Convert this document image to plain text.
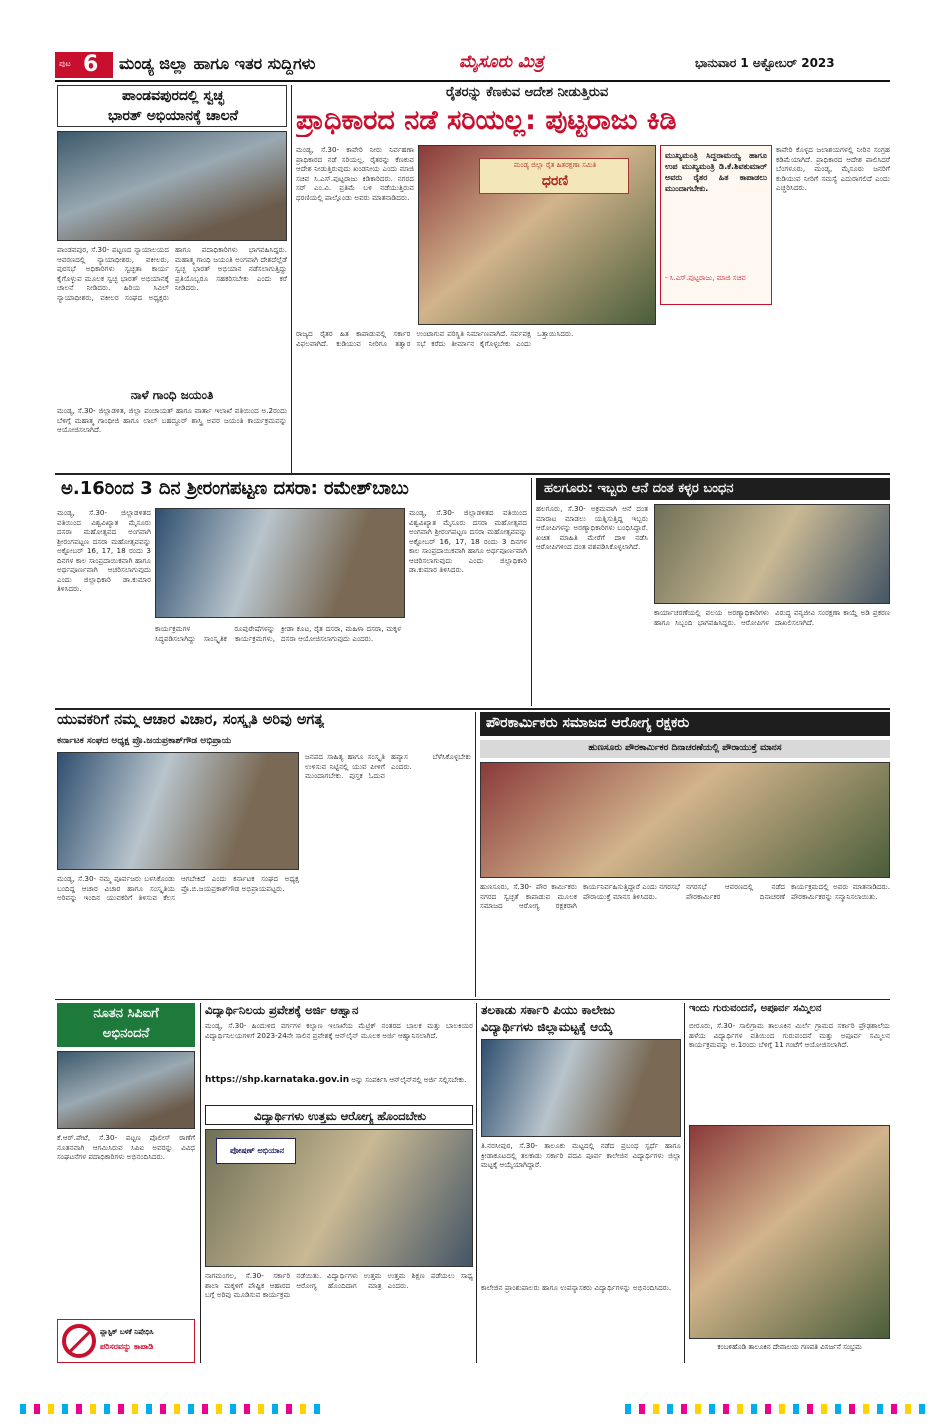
ಪುಟ 6 ಮಂಡ್ಯ ಜಿಲ್ಲಾ ಹಾಗೂ ಇತರ ಸುದ್ದಿಗಳು	ಮೈಸೂರು ಮಿತ್ರ	ಭಾನುವಾರ 1 ಅಕ್ಟೋಬರ್ 2023
ಪಾಂಡವಪುರದಲ್ಲಿ ಸ್ವಚ್ಛ
ಭಾರತ್ ಅಭಿಯಾನಕ್ಕೆ ಚಾಲನೆ
ಪಾಂಡವಪುರ, ಸೆ.30- ಪಟ್ಟಣದ ನ್ಯಾಯಾಲಯದ ಆವರಣದಲ್ಲಿ ನ್ಯಾಯಾಧೀಶರು, ವಕೀಲರು, ಪುರಸಭೆ ಅಧಿಕಾರಿಗಳು ಸ್ವಚ್ಛತಾ ಕಾರ್ಯ ಕೈಗೊಳ್ಳುವ ಮೂಲಕ ಸ್ವಚ್ಛ ಭಾರತ್ ಅಭಿಯಾನಕ್ಕೆ ಚಾಲನೆ ನೀಡಿದರು. ಹಿರಿಯ ಸಿವಿಲ್ ನ್ಯಾಯಾಧೀಶರು, ವಕೀಲರ ಸಂಘದ ಅಧ್ಯಕ್ಷರು ಹಾಗೂ ಪದಾಧಿಕಾರಿಗಳು ಭಾಗವಹಿಸಿದ್ದರು. ಮಹಾತ್ಮ ಗಾಂಧಿ ಜಯಂತಿ ಅಂಗವಾಗಿ ದೇಶದೆಲ್ಲೆಡೆ ಸ್ವಚ್ಛ ಭಾರತ್ ಅಭಿಯಾನ ನಡೆಸಲಾಗುತ್ತಿದ್ದು ಪ್ರತಿಯೊಬ್ಬರೂ ಸಹಕರಿಸಬೇಕು ಎಂದು ಕರೆ ನೀಡಿದರು.
ನಾಳೆ ಗಾಂಧಿ ಜಯಂತಿ
ಮಂಡ್ಯ, ಸೆ.30- ಜಿಲ್ಲಾಡಳಿತ, ಜಿಲ್ಲಾ ಪಂಚಾಯತ್ ಹಾಗೂ ವಾರ್ತಾ ಇಲಾಖೆ ವತಿಯಿಂದ ಅ.2ರಂದು ಬೆಳಿಗ್ಗೆ ಮಹಾತ್ಮ ಗಾಂಧೀಜಿ ಹಾಗೂ ಲಾಲ್ ಬಹದ್ದೂರ್ ಶಾಸ್ತ್ರಿ ಅವರ ಜಯಂತಿ ಕಾರ್ಯಕ್ರಮವನ್ನು ಆಯೋಜಿಸಲಾಗಿದೆ.
ರೈತರನ್ನು ಕೆಣಕುವ ಆದೇಶ ನೀಡುತ್ತಿರುವ
ಪ್ರಾಧಿಕಾರದ ನಡೆ ಸರಿಯಲ್ಲ: ಪುಟ್ಟರಾಜು ಕಿಡಿ
ಮಂಡ್ಯ, ಸೆ.30- ಕಾವೇರಿ ನೀರು ನಿರ್ವಹಣಾ ಪ್ರಾಧಿಕಾರದ ನಡೆ ಸರಿಯಲ್ಲ. ರೈತರನ್ನು ಕೆಣಕುವ ಆದೇಶ ನೀಡುತ್ತಿರುವುದು ಖಂಡನೀಯ ಎಂದು ಮಾಜಿ ಸಚಿವ ಸಿ.ಎಸ್.ಪುಟ್ಟರಾಜು ಕಿಡಿಕಾರಿದರು. ನಗರದ ಸರ್ ಎಂ.ವಿ. ಪ್ರತಿಮೆ ಬಳಿ ನಡೆಯುತ್ತಿರುವ ಧರಣಿಯಲ್ಲಿ ಪಾಲ್ಗೊಂಡು ಅವರು ಮಾತನಾಡಿದರು.
ಮಂಡ್ಯ ಜಿಲ್ಲಾ ರೈತ ಹಿತರಕ್ಷಣಾ ಸಮಿತಿ
ಧರಣಿ
ಮುಖ್ಯಮಂತ್ರಿ ಸಿದ್ದರಾಮಯ್ಯ ಹಾಗೂ ಉಪ ಮುಖ್ಯಮಂತ್ರಿ ಡಿ.ಕೆ.ಶಿವಕುಮಾರ್ ಅವರು ರೈತರ ಹಿತ ಕಾಪಾಡಲು ಮುಂದಾಗಬೇಕು.
- ಸಿ.ಎಸ್.ಪುಟ್ಟರಾಜು, ಮಾಜಿ ಸಚಿವ
ಕಾವೇರಿ ಕೊಳ್ಳದ ಜಲಾಶಯಗಳಲ್ಲಿ ನೀರಿನ ಸಂಗ್ರಹ ಕಡಿಮೆಯಾಗಿದೆ. ಪ್ರಾಧಿಕಾರದ ಆದೇಶ ಪಾಲಿಸಿದರೆ ಬೆಂಗಳೂರು, ಮಂಡ್ಯ, ಮೈಸೂರು ಜನರಿಗೆ ಕುಡಿಯುವ ನೀರಿಗೆ ಸಮಸ್ಯೆ ಎದುರಾಗಲಿದೆ ಎಂದು ಎಚ್ಚರಿಸಿದರು.
ರಾಜ್ಯದ ರೈತರ ಹಿತ ಕಾಪಾಡುವಲ್ಲಿ ಸರ್ಕಾರ ವಿಫಲವಾಗಿದೆ. ಕುಡಿಯುವ ನೀರಿಗೂ ತತ್ವಾರ ಉಂಟಾಗುವ ಪರಿಸ್ಥಿತಿ ನಿರ್ಮಾಣವಾಗಿದೆ. ಸರ್ವಪಕ್ಷ ಸಭೆ ಕರೆದು ತೀರ್ಮಾನ ಕೈಗೊಳ್ಳಬೇಕು ಎಂದು ಒತ್ತಾಯಿಸಿದರು.
ಅ.16ರಿಂದ 3 ದಿನ ಶ್ರೀರಂಗಪಟ್ಟಣ ದಸರಾ: ರಮೇಶ್‌ಬಾಬು
ಮಂಡ್ಯ, ಸೆ.30- ಜಿಲ್ಲಾಡಳಿತದ ವತಿಯಿಂದ ವಿಶ್ವವಿಖ್ಯಾತ ಮೈಸೂರು ದಸರಾ ಮಹೋತ್ಸವದ ಅಂಗವಾಗಿ ಶ್ರೀರಂಗಪಟ್ಟಣ ದಸರಾ ಮಹೋತ್ಸವವನ್ನು ಅಕ್ಟೋಬರ್ 16, 17, 18 ರಂದು 3 ದಿನಗಳ ಕಾಲ ಸಾಂಪ್ರದಾಯಿಕವಾಗಿ ಹಾಗೂ ಅರ್ಥಪೂರ್ಣವಾಗಿ ಆಚರಿಸಲಾಗುವುದು ಎಂದು ಜಿಲ್ಲಾಧಿಕಾರಿ ಡಾ.ಕುಮಾರ ತಿಳಿಸಿದರು.
ಕಾರ್ಯಕ್ರಮಗಳ ರೂಪುರೇಷೆಗಳನ್ನು ಸಿದ್ಧಪಡಿಸಲಾಗಿದ್ದು ಸಾಂಸ್ಕೃತಿಕ ಕಾರ್ಯಕ್ರಮಗಳು, ಕ್ರೀಡಾ ಕೂಟ, ರೈತ ದಸರಾ, ಮಹಿಳಾ ದಸರಾ, ಮಕ್ಕಳ ದಸರಾ ಆಯೋಜಿಸಲಾಗುವುದು ಎಂದರು.
ಮಂಡ್ಯ, ಸೆ.30- ಜಿಲ್ಲಾಡಳಿತದ ವತಿಯಿಂದ ವಿಶ್ವವಿಖ್ಯಾತ ಮೈಸೂರು ದಸರಾ ಮಹೋತ್ಸವದ ಅಂಗವಾಗಿ ಶ್ರೀರಂಗಪಟ್ಟಣ ದಸರಾ ಮಹೋತ್ಸವವನ್ನು ಅಕ್ಟೋಬರ್ 16, 17, 18 ರಂದು 3 ದಿನಗಳ ಕಾಲ ಸಾಂಪ್ರದಾಯಿಕವಾಗಿ ಹಾಗೂ ಅರ್ಥಪೂರ್ಣವಾಗಿ ಆಚರಿಸಲಾಗುವುದು ಎಂದು ಜಿಲ್ಲಾಧಿಕಾರಿ ಡಾ.ಕುಮಾರ ತಿಳಿಸಿದರು.
ಹಲಗೂರು: ಇಬ್ಬರು ಆನೆ ದಂತ ಕಳ್ಳರ ಬಂಧನ
ಹಲಗೂರು, ಸೆ.30- ಅಕ್ರಮವಾಗಿ ಆನೆ ದಂತ ಮಾರಾಟ ಮಾಡಲು ಯತ್ನಿಸುತ್ತಿದ್ದ ಇಬ್ಬರು ಆರೋಪಿಗಳನ್ನು ಅರಣ್ಯಾಧಿಕಾರಿಗಳು ಬಂಧಿಸಿದ್ದಾರೆ. ಖಚಿತ ಮಾಹಿತಿ ಮೇರೆಗೆ ದಾಳಿ ನಡೆಸಿ ಆರೋಪಿಗಳಿಂದ ದಂತ ವಶಪಡಿಸಿಕೊಳ್ಳಲಾಗಿದೆ.
ಕಾರ್ಯಾಚರಣೆಯಲ್ಲಿ ವಲಯ ಅರಣ್ಯಾಧಿಕಾರಿಗಳು ಹಾಗೂ ಸಿಬ್ಬಂದಿ ಭಾಗವಹಿಸಿದ್ದರು. ಆರೋಪಿಗಳ ವಿರುದ್ಧ ವನ್ಯಜೀವಿ ಸಂರಕ್ಷಣಾ ಕಾಯ್ದೆ ಅಡಿ ಪ್ರಕರಣ ದಾಖಲಿಸಲಾಗಿದೆ.
ಯುವಕರಿಗೆ ನಮ್ಮ ಆಚಾರ ವಿಚಾರ, ಸಂಸ್ಕೃತಿ ಅರಿವು ಅಗತ್ಯ
ಕರ್ನಾಟಕ ಸಂಘದ ಅಧ್ಯಕ್ಷ ಪ್ರೊ.ಜಯಪ್ರಕಾಶ್‌ಗೌಡ ಅಭಿಪ್ರಾಯ
ಮಂಡ್ಯ, ಸೆ.30- ನಮ್ಮ ಪೂರ್ವಜರು ಬಳಸಿಕೊಂಡು ಬಂದಿದ್ದ ಆಚಾರ ವಿಚಾರ ಹಾಗೂ ಸಂಸ್ಕೃತಿಯ ಅರಿವನ್ನು ಇಂದಿನ ಯುವಕರಿಗೆ ತಿಳಿಸುವ ಕೆಲಸ ಆಗಬೇಕಿದೆ ಎಂದು ಕರ್ನಾಟಕ ಸಂಘದ ಅಧ್ಯಕ್ಷ ಪ್ರೊ.ಬಿ.ಜಯಪ್ರಕಾಶ್‌ಗೌಡ ಅಭಿಪ್ರಾಯಪಟ್ಟರು.
ಜನಪದ ಸಾಹಿತ್ಯ ಹಾಗೂ ಸಂಸ್ಕೃತಿ ಉಳಿಸುವ ನಿಟ್ಟಿನಲ್ಲಿ ಯುವ ಪೀಳಿಗೆ ಮುಂದಾಗಬೇಕು. ಪುಸ್ತಕ ಓದುವ ಹವ್ಯಾಸ ಬೆಳೆಸಿಕೊಳ್ಳಬೇಕು ಎಂದರು.
ಪೌರಕಾರ್ಮಿಕರು ಸಮಾಜದ ಆರೋಗ್ಯ ರಕ್ಷಕರು
ಹುಣಸೂರು ಪೌರಕಾರ್ಮಿಕರ ದಿನಾಚರಣೆಯಲ್ಲಿ ಪೌರಾಯುಕ್ತೆ ಮಾನಸ
ಹುಣಸೂರು, ಸೆ.30- ಪೌರ ಕಾರ್ಮಿಕರು ನಗರದ ಸ್ವಚ್ಛತೆ ಕಾಪಾಡುವ ಮೂಲಕ ಸಮಾಜದ ಆರೋಗ್ಯ ರಕ್ಷಕರಾಗಿ ಕಾರ್ಯನಿರ್ವಹಿಸುತ್ತಿದ್ದಾರೆ ಎಂದು ನಗರಸಭೆ ಪೌರಾಯುಕ್ತೆ ಮಾನಸ ತಿಳಿಸಿದರು.
ನಗರಸಭೆ ಆವರಣದಲ್ಲಿ ನಡೆದ ಪೌರಕಾರ್ಮಿಕರ ದಿನಾಚರಣೆ ಕಾರ್ಯಕ್ರಮದಲ್ಲಿ ಅವರು ಮಾತನಾಡಿದರು. ಪೌರಕಾರ್ಮಿಕರನ್ನು ಸನ್ಮಾನಿಸಲಾಯಿತು.
ನೂತನ ಸಿಪಿಐಗೆ
ಅಭಿನಂದನೆ
ಕೆ.ಆರ್.ಪೇಟೆ, ಸೆ.30- ಪಟ್ಟಣ ಪೊಲೀಸ್ ಠಾಣೆಗೆ ನೂತನವಾಗಿ ಆಗಮಿಸಿರುವ ಸಿಪಿಐ ಅವರನ್ನು ವಿವಿಧ ಸಂಘಟನೆಗಳ ಪದಾಧಿಕಾರಿಗಳು ಅಭಿನಂದಿಸಿದರು.
ಪ್ಲಾಸ್ಟಿಕ್ ಬಳಕೆ ನಿಷೇಧಿಸಿ
ಪರಿಸರವನ್ನು ಕಾಪಾಡಿ
ವಿದ್ಯಾರ್ಥಿನಿಲಯ ಪ್ರವೇಶಕ್ಕೆ ಅರ್ಜಿ ಆಹ್ವಾನ
ಮಂಡ್ಯ, ಸೆ.30- ಹಿಂದುಳಿದ ವರ್ಗಗಳ ಕಲ್ಯಾಣ ಇಲಾಖೆಯ ಮೆಟ್ರಿಕ್ ನಂತರದ ಬಾಲಕ ಮತ್ತು ಬಾಲಕಿಯರ ವಿದ್ಯಾರ್ಥಿನಿಲಯಗಳಿಗೆ 2023-24ನೇ ಸಾಲಿನ ಪ್ರವೇಶಕ್ಕೆ ಆನ್‌ಲೈನ್ ಮೂಲಕ ಅರ್ಜಿ ಆಹ್ವಾನಿಸಲಾಗಿದೆ.
https://shp.karnataka.gov.in ಅನ್ನು ಸಂಪರ್ಕಿಸಿ ಆನ್‌ಲೈನ್‌ನಲ್ಲಿ ಅರ್ಜಿ ಸಲ್ಲಿಸಬೇಕು.
ವಿದ್ಯಾರ್ಥಿಗಳು ಉತ್ತಮ ಆರೋಗ್ಯ ಹೊಂದಬೇಕು
ಪೋಷಣ್ ಅಭಿಯಾನ
ನಾಗಮಂಗಲ, ಸೆ.30- ಸರ್ಕಾರಿ ಶಾಲಾ ಮಕ್ಕಳಿಗೆ ಪೌಷ್ಟಿಕ ಆಹಾರದ ಬಗ್ಗೆ ಅರಿವು ಮೂಡಿಸುವ ಕಾರ್ಯಕ್ರಮ ನಡೆಯಿತು. ವಿದ್ಯಾರ್ಥಿಗಳು ಉತ್ತಮ ಆರೋಗ್ಯ ಹೊಂದಿದಾಗ ಮಾತ್ರ ಉತ್ತಮ ಶಿಕ್ಷಣ ಪಡೆಯಲು ಸಾಧ್ಯ ಎಂದರು.
ತಲಕಾಡು ಸರ್ಕಾರಿ ಪಿಯು ಕಾಲೇಜು
ವಿದ್ಯಾರ್ಥಿಗಳು ಜಿಲ್ಲಾಮಟ್ಟಕ್ಕೆ ಆಯ್ಕೆ
ತಿ.ನರಸೀಪುರ, ಸೆ.30- ತಾಲೂಕು ಮಟ್ಟದಲ್ಲಿ ನಡೆದ ಪ್ರಬಂಧ ಸ್ಪರ್ಧೆ ಹಾಗೂ ಕ್ರೀಡಾಕೂಟದಲ್ಲಿ ತಲಕಾಡು ಸರ್ಕಾರಿ ಪದವಿ ಪೂರ್ವ ಕಾಲೇಜಿನ ವಿದ್ಯಾರ್ಥಿಗಳು ಜಿಲ್ಲಾ ಮಟ್ಟಕ್ಕೆ ಆಯ್ಕೆಯಾಗಿದ್ದಾರೆ.
ಕಾಲೇಜಿನ ಪ್ರಾಂಶುಪಾಲರು ಹಾಗೂ ಉಪನ್ಯಾಸಕರು ವಿದ್ಯಾರ್ಥಿಗಳನ್ನು ಅಭಿನಂದಿಸಿದರು.
ಇಂದು ಗುರುವಂದನೆ, ಅಪೂರ್ವ ಸಮ್ಮಿಲನ
ಬೀರೂರು, ಸೆ.30- ಸಾಲಿಗ್ರಾಮ ತಾಲೂಕಿನ ಮಿರ್ಲೆ ಗ್ರಾಮದ ಸರ್ಕಾರಿ ಪ್ರೌಢಶಾಲೆಯ ಹಳೆಯ ವಿದ್ಯಾರ್ಥಿಗಳ ವತಿಯಿಂದ ಗುರುವಂದನೆ ಮತ್ತು ಅಪೂರ್ವ ಸಮ್ಮಿಲನ ಕಾರ್ಯಕ್ರಮವನ್ನು ಅ.1ರಂದು ಬೆಳಿಗ್ಗೆ 11 ಗಂಟೆಗೆ ಆಯೋಜಿಸಲಾಗಿದೆ.
ಕಂಬಳಿಹೊಡಿ ತಾಲೂಕಿನ ದೇವಾಲಯ ಗಣಪತಿ ವಿಸರ್ಜನೆ ಸಂಭ್ರಮ
